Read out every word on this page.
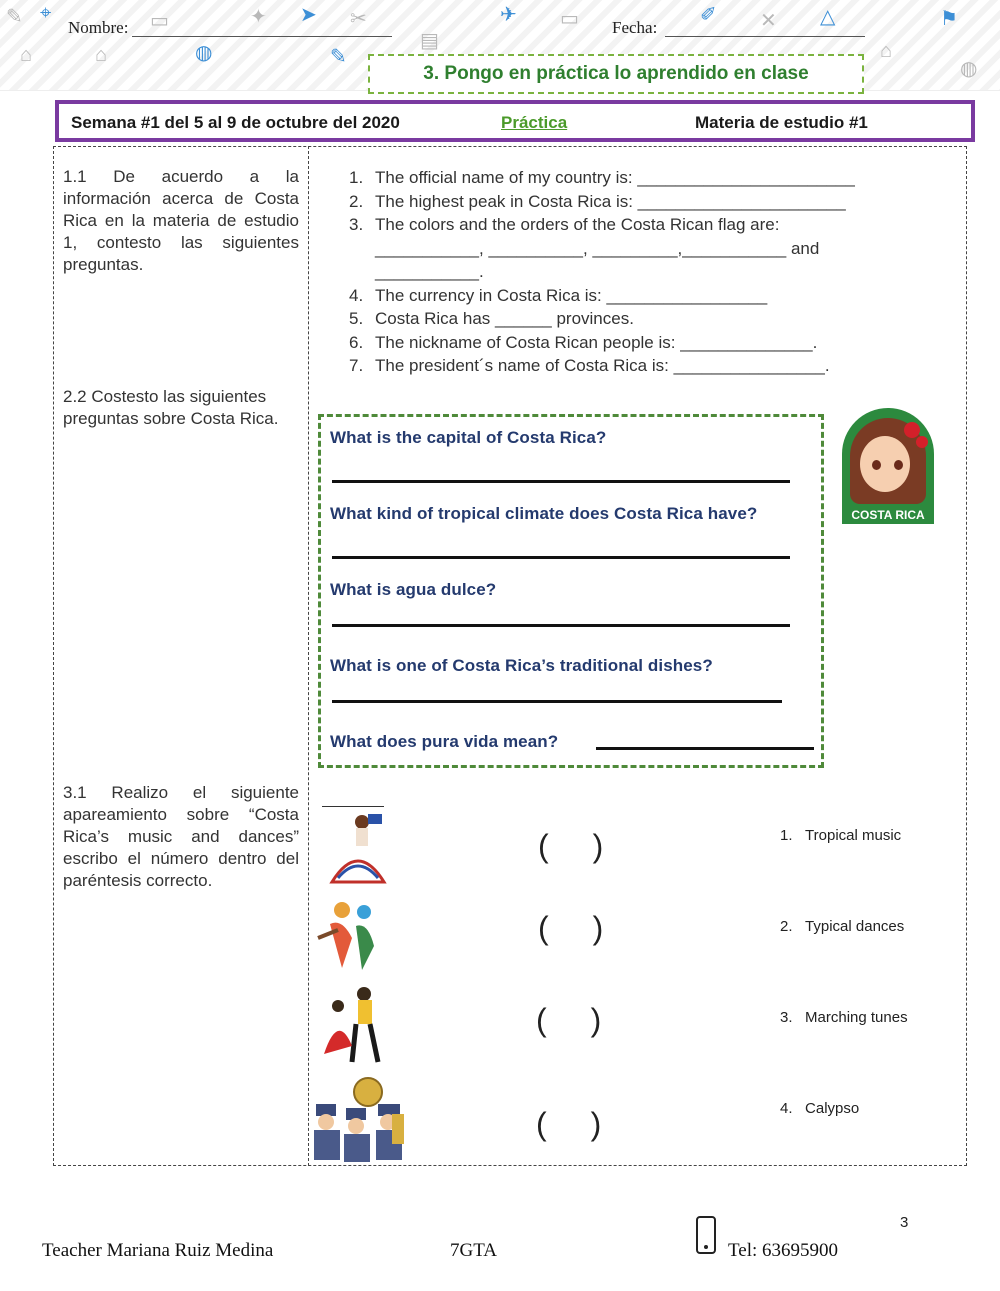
✎ ⌖	▭
◍
✦ ➤ ✂
▤
✈ ▭	✐ ✕ △
⌂
⚑
◍
⌂	⌂	✎
Nombre:	Fecha:
3. Pongo en práctica lo aprendido en clase
Semana #1 del 5 al 9 de octubre del 2020	Práctica	Materia de estudio #1
1.1 De acuerdo a la información acerca de Costa Rica en la materia de estudio 1, contesto las siguientes preguntas.
1. The official name of my country is: _______________________
2. The highest peak in Costa Rica is: ______________________
3. The colors and the orders of the Costa Rican flag are:
___________, __________, _________,___________ and
___________.
4. The currency in Costa Rica is: _________________
5. Costa Rica has ______ provinces.
6. The nickname of Costa Rican people is: ______________.
7. The president´s name of Costa Rica is: ________________.
2.2 Costesto las siguientes preguntas sobre Costa Rica.
What is the capital of Costa Rica?
What kind of tropical climate does Costa Rica have?
What is agua dulce?
What is one of Costa Rica’s traditional dishes?
What does pura vida mean?
COSTA RICA
3.1 Realizo el siguiente apareamiento sobre “Costa Rica’s music and dances” escribo el número dentro del paréntesis correcto.
( )
( )
( )
( )
1. Tropical music
2. Typical dances
3. Marching tunes
4. Calypso
3
Teacher Mariana Ruiz Medina	7GTA	Tel: 63695900
